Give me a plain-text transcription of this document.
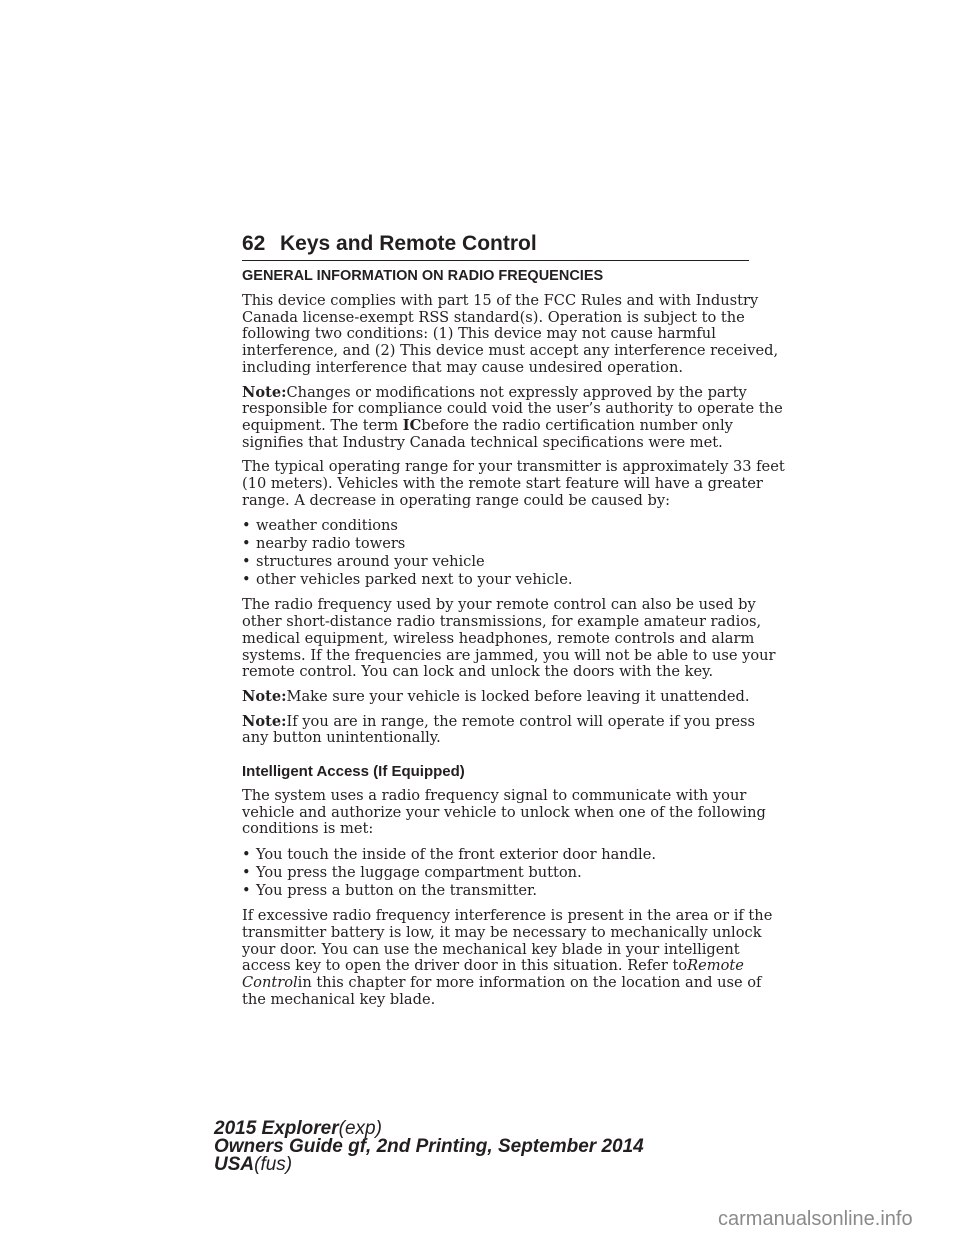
62 Keys and Remote Control
GENERAL INFORMATION ON RADIO FREQUENCIES

This device complies with part 15 of the FCC Rules and with Industry
Canada license-exempt RSS standard(s). Operation is subject to the
following two conditions: (1) This device may not cause harmful
interference, and (2) This device must accept any interference received,
including interference that may cause undesired operation.

Note:Changes or modifications not expressly approved by the party
responsible for compliance could void the user’s authority to operate the
equipment. The term ICbefore the radio certification number only
signifies that Industry Canada technical specifications were met.

The typical operating range for your transmitter is approximately 33 feet
(10 meters). Vehicles with the remote start feature will have a greater
range. A decrease in operating range could be caused by:

• weather conditions
• nearby radio towers
• structures around your vehicle
• other vehicles parked next to your vehicle.

The radio frequency used by your remote control can also be used by
other short-distance radio transmissions, for example amateur radios,
medical equipment, wireless headphones, remote controls and alarm
systems. If the frequencies are jammed, you will not be able to use your
remote control. You can lock and unlock the doors with the key.

Note:Make sure your vehicle is locked before leaving it unattended.

Note:If you are in range, the remote control will operate if you press
any button unintentionally.

Intelligent Access (If Equipped)

The system uses a radio frequency signal to communicate with your
vehicle and authorize your vehicle to unlock when one of the following
conditions is met:

• You touch the inside of the front exterior door handle.
• You press the luggage compartment button.
• You press a button on the transmitter.

If excessive radio frequency interference is present in the area or if the
transmitter battery is low, it may be necessary to mechanically unlock
your door. You can use the mechanical key blade in your intelligent
access key to open the driver door in this situation. Refer toRemote
Controlin this chapter for more information on the location and use of
the mechanical key blade.

2015 Explorer(exp)
Owners Guide gf, 2nd Printing, September 2014
USA(fus)
carmanualsonline.info
